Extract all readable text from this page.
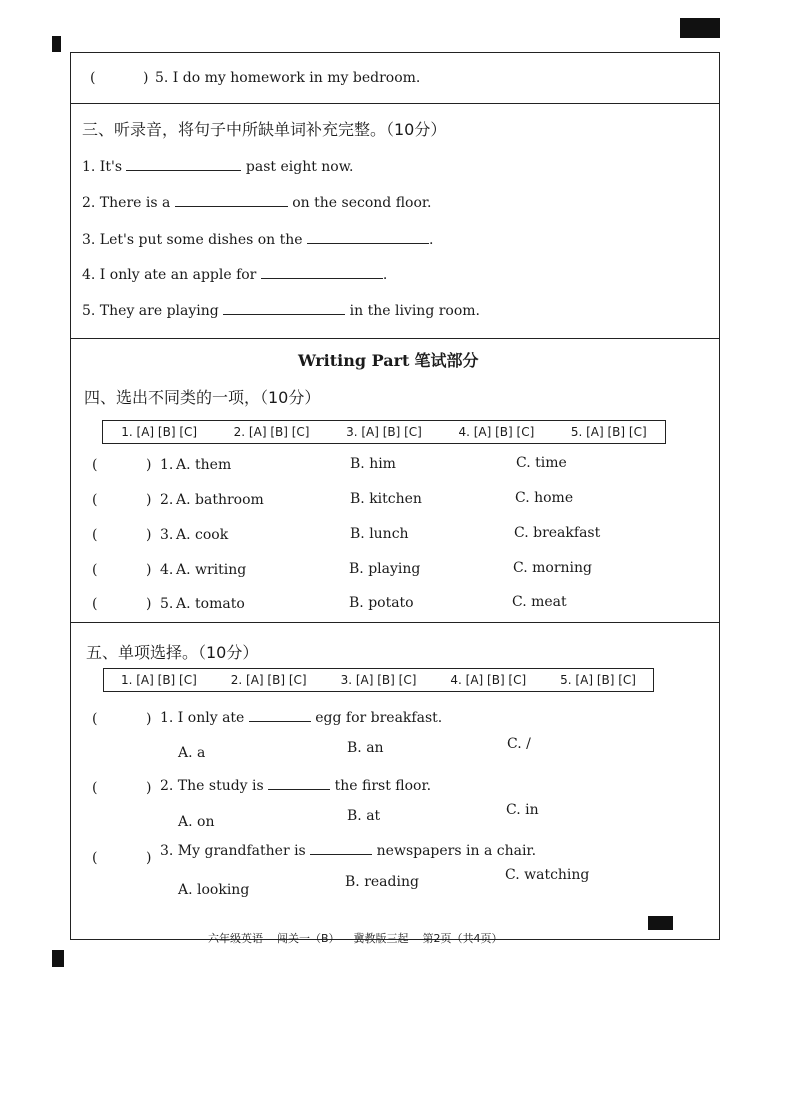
(	) 5. I do my homework in my bedroom.
三、听录音，将句子中所缺单词补充完整。（10分）
1. It's	past eight now.
2. There is a	on the second floor.
3. Let's put some dishes on the	.
4. I only ate an apple for	.
5. They are playing	in the living room.
Writing Part 笔试部分
四、选出不同类的一项，（10分）
1. [A] [B] [C]	2. [A] [B] [C]	3. [A] [B] [C]	4. [A] [B] [C]	5. [A] [B] [C]
(	) 1. A. them	B. him	C. time
(	) 2. A. bathroom	B. kitchen	C. home
(	) 3. A. cook	B. lunch	C. breakfast
(	) 4. A. writing	B. playing	C. morning
(	) 5. A. tomato	B. potato	C. meat
五、单项选择。（10分）
1. [A] [B] [C]	2. [A] [B] [C]	3. [A] [B] [C]	4. [A] [B] [C]	5. [A] [B] [C]
(	) 1. I only ate	egg for breakfast.
A. a	B. an	C. /
(	) 2. The study is	the first floor.
A. on	B. at	C. in
(	) 3. My grandfather is	newspapers in a chair.
A. looking	B. reading	C. watching
六年级英语 闯关一（B） 冀教版三起 第2页（共4页）
